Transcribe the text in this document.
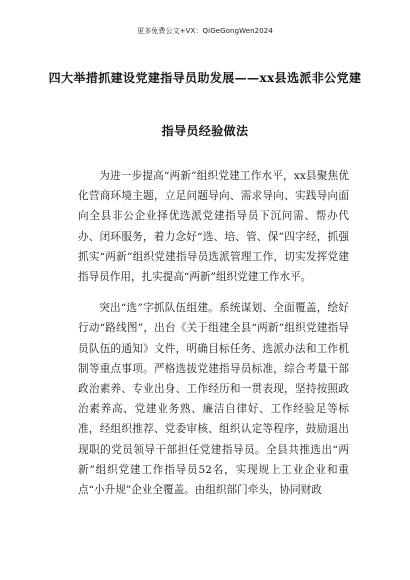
更多免费公文+VX：QiGeGongWen2024
四大举措抓建设党建指导员助发展——xx县选派非公党建
指导员经验做法

为进一步提高“两新”组织党建工作水平，xx县聚焦优化营商环境主题，立足问题导向、需求导向、实践导向面向全县非公企业择优选派党建指导员下沉问需、帮办代办、闭环服务，着力念好“选、培、管、保”四字经，抓强抓实“两新”组织党建指导员选派管理工作，切实发挥党建指导员作用，扎实提高“两新”组织党建工作水平。

突出“选”字抓队伍组建。系统谋划、全面覆盖，绘好行动“路线图”，出台《关于组建全县“两新”组织党建指导员队伍的通知》文件，明确目标任务、选派办法和工作机制等重点事项。严格选拔党建指导员标准，综合考量干部政治素养、专业出身、工作经历和一贯表现，坚持按照政治素养高、党建业务熟、廉洁自律好、工作经验足等标准，经组织推荐、党委审核、组织认定等程序，鼓励退出现职的党员领导干部担任党建指导员。全县共推选出“两新”组织党建工作指导员52名，实现规上工业企业和重点“小升规”企业全覆盖。由组织部门牵头，协同财政
